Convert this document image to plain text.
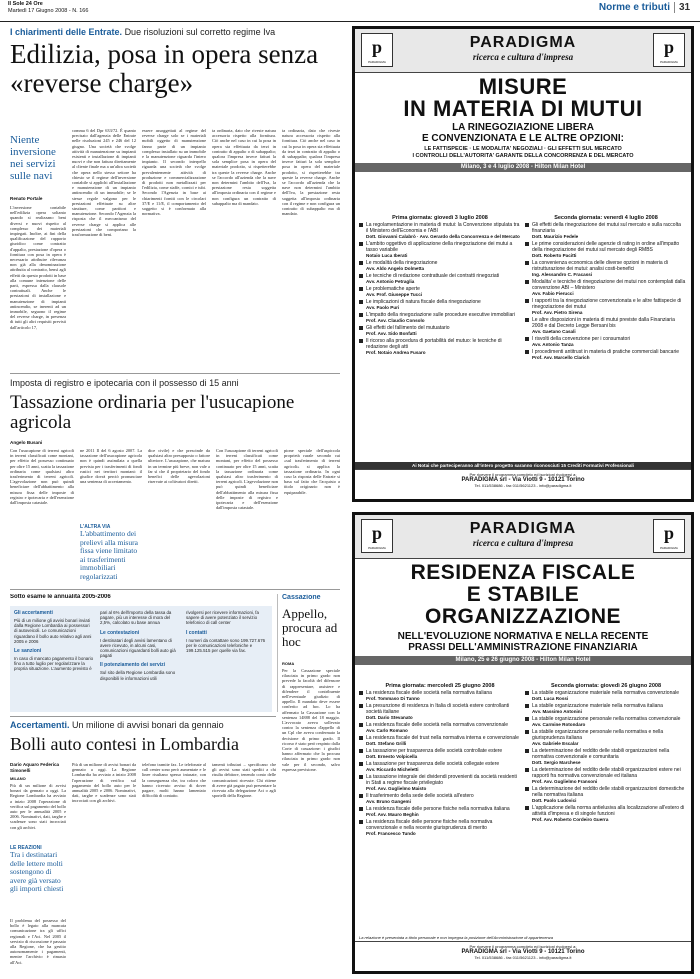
Il Sole 24 Ore
Martedì 17 Giugno 2008 - N. 166	Norme e tributi 31
I chiarimenti delle Entrate. Due risoluzioni sul corretto regime Iva
Edilizia, posa in opera senza «reverse charge»
Niente inversione nei servizi sulle navi
Renato Portale
L'inversione contabile nell'edilizia opera soltanto quando si realizzano beni diversi e nuovi rispetto al complesso dei materiali impiegati. Inoltre, ai fini della qualificazione del rapporto giuridico come contratto d'appalto, prestazione d'opera o fornitura con posa in opera è necessario attribuire rilevanza non già alla denominazione attribuita al contratto, bensì agli effetti da questo prodotti in base alla comune intenzione delle parti, espressa dalla clausole contrattuali. Anche le prestazioni di installazione e manutenzione di impianti antincendio, se inerenti ad un immobile, seguono il regime del reverse charge, in presenza di tutti gli altri requisiti previsti dall'articolo 17,
comma 6 del Dpr 633/72. È quanto precisato dall'agenzia delle Entrate nelle risoluzioni 245 e 246 del 12 giugno. Una società che svolge attività di manutenzione su impianti esistenti e installazione di impianti nuovi e che non fattura direttamente al cliente finale ma a un'altra società che opera nello stesso settore ha chiesto se il regime dell'inversione contabile si applichi all'installazione e manutenzione di un impianto antincendio di un immobile; se le stesse regole valgono per le prestazioni effettuate su altre strutture, come partitori e manutenzione. Secondo l'Agenzia la risposta che il meccanismo del reverse charge si applica alle prestazioni che comportano la trasformazione di beni.
essere assoggettati al regime del reverse charge solo se i materiali mobili oggetto di manutenzione fanno parte di un impianto complesso installato su un immobile e la manutenzione riguarda l'intero impianto. Il secondo interpello riguarda una società che svolge prevalentemente attività di produzione e commercializzazione di prodotti non metallizzati per l'edilizia, come staffe, cornici e tubi. Secondo l'Agenzia in base ai chiarimenti forniti con le circolari 37/E e 11/E, il comportamento del soggetto si è conformato alla normativa.
ta ordinaria, dato che riveste natura accessoria rispetto alla fornitura. Ciò anche nel caso in cui la posa in opera sia effettuata da terzi in contratto di appalto o di subappalto; qualora l'impresa invece fatturi la sola semplice posa in opera del materiale prodotto, si rispetterebbe tra queste la reverse charge. Anche se l'accordo all'azienda che la nave non determini l'ambito dell'Iva, la prestazione resta soggetta all'imposta ordinaria con il regime e non configura un contratto di subappalto ma di mandato.
ta ordinaria, dato che riveste natura accessoria rispetto alla fornitura. Ciò anche nel caso in cui la posa in opera sia effettuata da terzi in contratto di appalto o di subappalto; qualora l'impresa invece fatturi la sola semplice posa in opera del materiale prodotto, si rispetterebbe tra queste la reverse charge. Anche se l'accordo all'azienda che la nave non determini l'ambito dell'Iva, la prestazione resta soggetta all'imposta ordinaria con il regime e non configura un contratto di subappalto ma di mandato.
Imposta di registro e ipotecaria con il possesso di 15 anni
Tassazione ordinaria per l'usucapione agricola
Angelo Busani
Con l'usucapione di terreni agricoli in terreni classificati come montani, per effetto del possesso continuato per oltre 15 anni, scatta la tassazione ordinaria come qualsiasi altro trasferimento di terreni agricoli. L'agevolazione non può quindi beneficiare dell'abbattimento alla misura fissa delle imposte di registro e ipotecaria e dell'esenzione dall'imposta catastale.
ne 2011 Il del 6 agosto 2007. La tassazione dell'usucapione agricola non è quindi assimilata a quella prevista per i trasferimenti di fondi rustici nei territori montani: il giudice dovrà perciò pronunciare una sentenza di accertamento.
L'ALTRA VIA
L'abbattimento dei prelievi alla misura fissa viene limitato ai trasferimenti immobiliari regolarizzati
dice civile) e che prescinde da qualsiasi altro presupposto o fattore ulteriore. L'usucapione, che matura in un termine più breve, non vale a far sì che il proprietario del fondo benefici delle agevolazioni riservate ai coltivatori diretti.
Con l'usucapione di terreni agricoli in terreni classificati come montani, per effetto del possesso continuato per oltre 15 anni, scatta la tassazione ordinaria come qualsiasi altro trasferimento di terreni agricoli. L'agevolazione non può quindi beneficiare dell'abbattimento alla misura fissa delle imposte di registro e ipotecaria e dell'esenzione dall'imposta catastale.
pione speciale dell'aspiccola proprietà rurale secondo cui «sul trasferimento di terreni agricoli» si applica la tassazione ordinaria. In ogni caso la risposta delle Entrate si basa sul fatto che l'acquisto a titolo originario non è equiparabile.
Sotto esame le annualità 2005-2006
Gli accertamenti

Più di un milione gli avvisi bonari inviati dalla Regione Lombardia ai possessori di autoveicoli. Le comunicazioni riguardano il bollo auto relativo agli anni 2005 e 2006

Le sanzioni

In caso di mancato pagamento il bonario fino a tutto luglio per regolarizzare la propria situazione. L'aumento previsto è

pari al 6% dell'importo della tassa da pagare, più un interesse di mora del 2,5%, calcolato su base annua

Le contestazioni

I destinatari degli avvisi lamentano di avere ricevuto, in alcuni casi, comunicazioni riguardanti bolli auto già pagati

Il potenziamento dei servizi

Sul sito della Regione Lombardia sono disponibili le informazioni utili

rivolgersi per ricevere informazioni, fa sapere di avere potenziato il servizio telefonico di call center

I contatti

I numeri da contattare sono 199.727.676 per le comunicazioni telefoniche e 199.125.515 per quelle via fax.

Cassazione
Appello, procura ad hoc
ROMA
Per la Cassazione speciale rilasciata in primo grado non prevede la facoltà del difensore di rappresentare, assistere e difendere il contribuente nell'eventuale giudizio di appello. Il mandato deve essere conferito ad hoc. Lo ha affermato la Cassazione con la sentenza 14888 del 18 maggio. L'avvocato aveva sollevato contro la sentenza d'appello di un Cpl che aveva confermato la decisione di primo grado. Il ricorso è stato però respinto dalla Corte di cassazione: i giudici hanno affermato che la procura rilasciata in primo grado non vale per il secondo, salvo espressa previsione.
Accertamenti. Un milione di avvisi bonari da gennaio
Bolli auto contesi in Lombardia
Dario Aquaro Federica Simonelli
MILANO
Più di un milione di avvisi bonari da gennaio a oggi. La Regione Lombardia ha avviato a inizio 2008 l'operazione di verifica sul pagamento del bollo auto per le annualità 2005 e 2006. Nominativi, dati, targhe e scadenze sono stati incrociati con gli archivi.
LE REAZIONI
Tra i destinatari delle lettere molti sostengono di avere già versato gli importi chiesti
Il problema del possesso del bollo è legato alla mancata comunicazione tra gli uffici regionali e l'Aci. Nel 2005 il servizio di riscossione è passato alla Regione, che ha gestito autonomamente i pagamenti, mentre l'archivio è rimasto all'Aci.
Più di un milione di avvisi bonari da gennaio a oggi. La Regione Lombardia ha avviato a inizio 2008 l'operazione di verifica sul pagamento del bollo auto per le annualità 2005 e 2006. Nominativi, dati, targhe e scadenze sono stati incrociati con gli archivi.
telefono tramite fax. Le telefonate al call center sono però aumentate e le linee risultano spesso intasate, con la conseguenza che, tra coloro che hanno ricevuto avviso di dover pagare, molti hanno lamentato difficoltà di contatto.
tamenti tributari – specificano che gli avvisi sono stati spediti a chi risulta debitore, tenendo conto delle comunicazioni ricevute. Chi ritiene di avere già pagato può presentare la ricevuta alla delegazione Aci o agli sportelli della Regione.
p
PARADIGMA
PARADIGMA
ricerca e cultura d'impresa	p
PARADIGMA
MISURE
IN MATERIA DI MUTUI
LA RINEGOZIAZIONE LIBERA
E CONVENZIONATA E LE ALTRE OPZIONI:
LE FATTISPECIE · LE MODALITA' NEGOZIALI · GLI EFFETTI SUL MERCATO
I CONTROLLI DELL'AUTORITA' GARANTE DELLA CONCORRENZA E DEL MERCATO
Milano, 3 e 4 luglio 2008 - Hilton Milan Hotel
Prima giornata: giovedì 3 luglio 2008
La regolamentazione in materia di mutui: la Convenzione stipulata tra il Ministero dell'Economia e l'ABI
Dott. Giovanni Calabrò · Avv. Gerardo della Concorrenza e del Mercato
L'ambito oggettivo di applicazione della rinegoziazione dei mutui a tasso variabile
Notaio Luca Iberati
Le modalità della rinegoziazione
Avv. Aldo Angelo Dolmetta
Le tecniche di redazione contrattuale dei contratti rinegoziati
Avv. Antonio Petraglia
Le problematiche aperte
Avv. Prof. Giuseppe Tucci
Le implicazioni di natura fiscale della rinegoziazione
Avv. Paolo Puri
L'impatto della rinegoziazione sulle procedure esecutive immobiliari
Prof. Avv. Claudio Consolo
Gli effetti del fallimento del mutuatario
Prof. Avv. Sido Bonfatti
Il ricorso alla procedura di portabilità del mutuo: le tecniche di redazione degli atti
Prof. Notaio Andrea Fusaro
Seconda giornata: venerdì 4 luglio 2008
Gli effetti della rinegoziazione dei mutui sul mercato e sulla raccolta finanziaria
Dott. Maurizio Fedele
Le prime considerazioni delle agenzie di rating in ordine all'impatto della rinegoziazione dei mutui sul mercato degli RMBS
Dott. Roberto Pacitti
La convenienza economica delle diverse opzioni in materia di ristrutturazione dei mutui: analisi costi-benefici
Ing. Alessandro C. Fracassi
Modalita' e tecniche di rinegoziazione dei mutui non contemplati dalla convenzione ABI – Ministero
Avv. Fabio Fierucci
I rapporti tra la rinegoziazione convenzionata e le altre fattispecie di rinegoziazione dei mutui
Prof. Avv. Pietro Sirena
Le altre disposizioni in materia di mutui previste dalla Finanziaria 2008 e dal Decreto Legge Bersani bis
Avv. Gaetano Casali
I risvolti della convenzione per i consumatori
Avv. Antonio Tanza
I procedimenti antitrust in materia di pratiche commerciali bancarie
Prof. Avv. Marcello Clarich
Ai Notai che parteciperanno all'intero progetto saranno riconosciuti 15 Crediti Formativi Professionali
Per ricevere il programma completo ed iscrizioni rivolgersi a:
PARADIGMA srl - Via Viotti 9 - 10121 Torino
Tel. 011/538686 - fax 011/5621123 - info@paradigma.it
p
PARADIGMA
PARADIGMA
ricerca e cultura d'impresa	p
PARADIGMA
RESIDENZA FISCALE
E STABILE
ORGANIZZAZIONE
NELL'EVOLUZIONE NORMATIVA E NELLA RECENTE
PRASSI DELL'AMMINISTRAZIONE FINANZIARIA
Milano, 25 e 26 giugno 2008 - Hilton Milan Hotel
Prima giornata: mercoledì 25 giugno 2008
La residenza fiscale delle società nella normativa italiana
Prof. Tommaso Di Tanno
La presunzione di residenza in Italia di società estere controllanti società italiane
Dott. Dario Stevanato
La residenza fiscale delle società nella normativa convenzionale
Avv. Carlo Romano
La residenza fiscale del trust nella normativa interna e convenzionale
Dott. Stefano Grilli
La tassazione per trasparenza delle società controllate estere
Dott. Ernesto Volpicella
La tassazione per trasparenza delle società collegate estere
Avv. Riccardo Micheletti
La tassazione integrale dei dividendi provenienti da società residenti in Stati a regime fiscale privilegiato
Prof. Avv. Guglielmo Maisto
Il trasferimento della sede delle società all'estero
Avv. Bruno Gangemi
La residenza fiscale delle persone fisiche nella normativa italiana
Prof. Avv. Mauro Beghin
La residenza fiscale delle persone fisiche nella normativa convenzionale e nella recente giurisprudenza di merito
Prof. Francesco Tundo
Seconda giornata: giovedì 26 giugno 2008
La stabile organizzazione materiale nella normativa convenzionale
Dott. Luca Rossi
La stabile organizzazione materiale nella normativa italiana
Avv. Massimo Antonini
La stabile organizzazione personale nella normativa convenzionale
Avv. Carmine Rotondaro
La stabile organizzazione personale nella normativa e nella giurisprudenza italiana
Avv. Gabriele Escalar
La determinazione del reddito delle stabili organizzazioni nella normativa convenzionale e comunitaria
Dott. Sergio Marchese
La determinazione del reddito delle stabili organizzazioni estere nei rapporti fra normativa convenzionale ed italiana
Prof. Avv. Guglielmo Fransoni
La determinazione del reddito delle stabili organizzazioni domestiche nella normativa italiana
Dott. Paolo Ludovici
L'applicazione della norma antielusiva alla localizzazione all'estero di attività d'impresa e di singole funzioni
Prof. Avv. Roberto Cordeiro Guerra
La relazione è presentata a titolo personale e non impegna la posizione dell'Amministrazione di appartenenza
Per ricevere il programma completo ed iscrizioni rivolgersi a:
PARADIGMA srl - Via Viotti 9 - 10121 Torino
Tel. 011/538686 - fax 011/5621123 - info@paradigma.it
